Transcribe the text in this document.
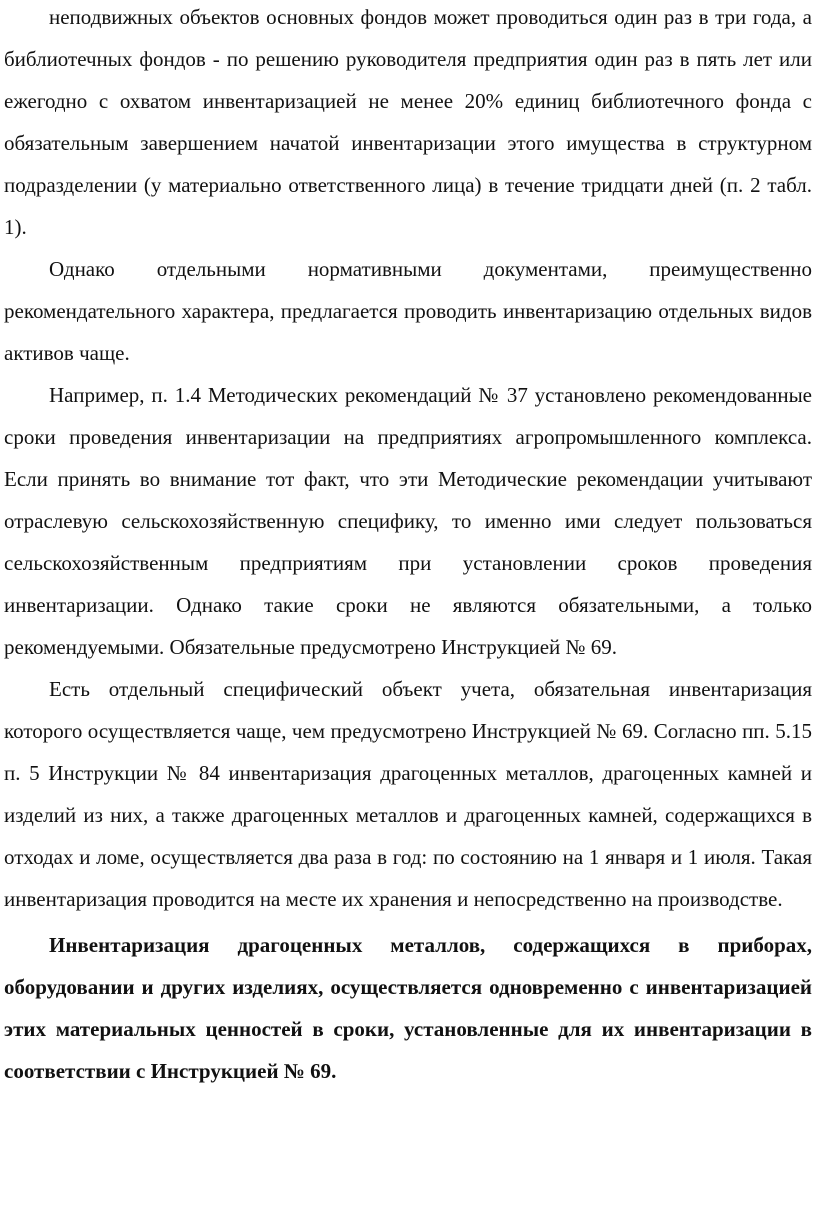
неподвижных объектов основных фондов может проводиться один раз в три года, а библиотечных фондов - по решению руководителя предприятия один раз в пять лет или ежегодно с охватом инвентаризацией не менее 20% единиц библиотечного фонда с обязательным завершением начатой инвентаризации этого имущества в структурном подразделении (у материально ответственного лица) в течение тридцати дней (п. 2 табл. 1).

Однако отдельными нормативными документами, преимущественно рекомендательного характера, предлагается проводить инвентаризацию отдельных видов активов чаще.

Например, п. 1.4 Методических рекомендаций № 37 установлено рекомендованные сроки проведения инвентаризации на предприятиях агропромышленного комплекса. Если принять во внимание тот факт, что эти Методические рекомендации учитывают отраслевую сельскохозяйственную специфику, то именно ими следует пользоваться сельскохозяйственным предприятиям при установлении сроков проведения инвентаризации. Однако такие сроки не являются обязательными, а только рекомендуемыми. Обязательные предусмотрено Инструкцией № 69.

Есть отдельный специфический объект учета, обязательная инвентаризация которого осуществляется чаще, чем предусмотрено Инструкцией № 69. Согласно пп. 5.15 п. 5 Инструкции № 84 инвентаризация драгоценных металлов, драгоценных камней и изделий из них, а также драгоценных металлов и драгоценных камней, содержащихся в отходах и ломе, осуществляется два раза в год: по состоянию на 1 января и 1 июля. Такая инвентаризация проводится на месте их хранения и непосредственно на производстве.

Инвентаризация драгоценных металлов, содержащихся в приборах, оборудовании и других изделиях, осуществляется одновременно с инвентаризацией этих материальных ценностей в сроки, установленные для их инвентаризации в соответствии с Инструкцией № 69.
